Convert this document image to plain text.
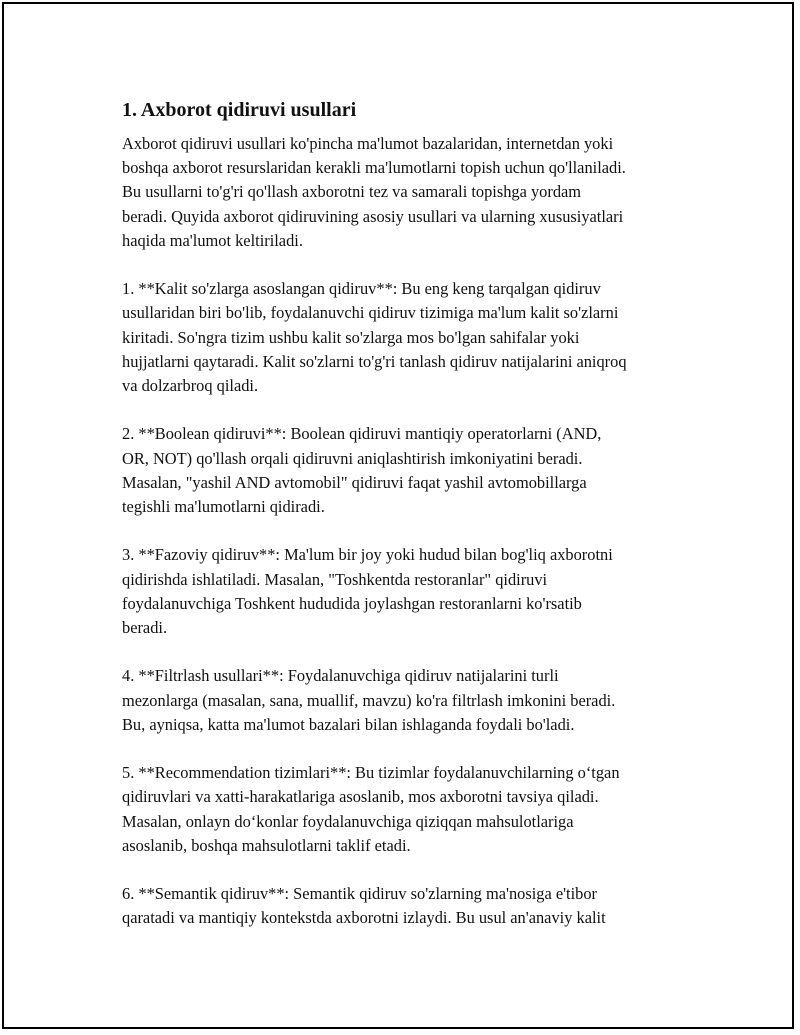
1. Axborot qidiruvi usullari

Axborot qidiruvi usullari ko'pincha ma'lumot bazalaridan, internetdan yoki
boshqa axborot resurslaridan kerakli ma'lumotlarni topish uchun qo'llaniladi.
Bu usullarni to'g'ri qo'llash axborotni tez va samarali topishga yordam
beradi. Quyida axborot qidiruvining asosiy usullari va ularning xususiyatlari
haqida ma'lumot keltiriladi.

1. **Kalit so'zlarga asoslangan qidiruv**: Bu eng keng tarqalgan qidiruv
usullaridan biri bo'lib, foydalanuvchi qidiruv tizimiga ma'lum kalit so'zlarni
kiritadi. So'ngra tizim ushbu kalit so'zlarga mos bo'lgan sahifalar yoki
hujjatlarni qaytaradi. Kalit so'zlarni to'g'ri tanlash qidiruv natijalarini aniqroq
va dolzarbroq qiladi.

2. **Boolean qidiruvi**: Boolean qidiruvi mantiqiy operatorlarni (AND,
OR, NOT) qo'llash orqali qidiruvni aniqlashtirish imkoniyatini beradi.
Masalan, "yashil AND avtomobil" qidiruvi faqat yashil avtomobillarga
tegishli ma'lumotlarni qidiradi.

3. **Fazoviy qidiruv**: Ma'lum bir joy yoki hudud bilan bog'liq axborotni
qidirishda ishlatiladi. Masalan, "Toshkentda restoranlar" qidiruvi
foydalanuvchiga Toshkent hududida joylashgan restoranlarni ko'rsatib
beradi.

4. **Filtrlash usullari**: Foydalanuvchiga qidiruv natijalarini turli
mezonlarga (masalan, sana, muallif, mavzu) ko'ra filtrlash imkonini beradi.
Bu, ayniqsa, katta ma'lumot bazalari bilan ishlaganda foydali bo'ladi.

5. **Recommendation tizimlari**: Bu tizimlar foydalanuvchilarning oʻtgan
qidiruvlari va xatti-harakatlariga asoslanib, mos axborotni tavsiya qiladi.
Masalan, onlayn doʻkonlar foydalanuvchiga qiziqqan mahsulotlariga
asoslanib, boshqa mahsulotlarni taklif etadi.

6. **Semantik qidiruv**: Semantik qidiruv so'zlarning ma'nosiga e'tibor
qaratadi va mantiqiy kontekstda axborotni izlaydi. Bu usul an'anaviy kalit
